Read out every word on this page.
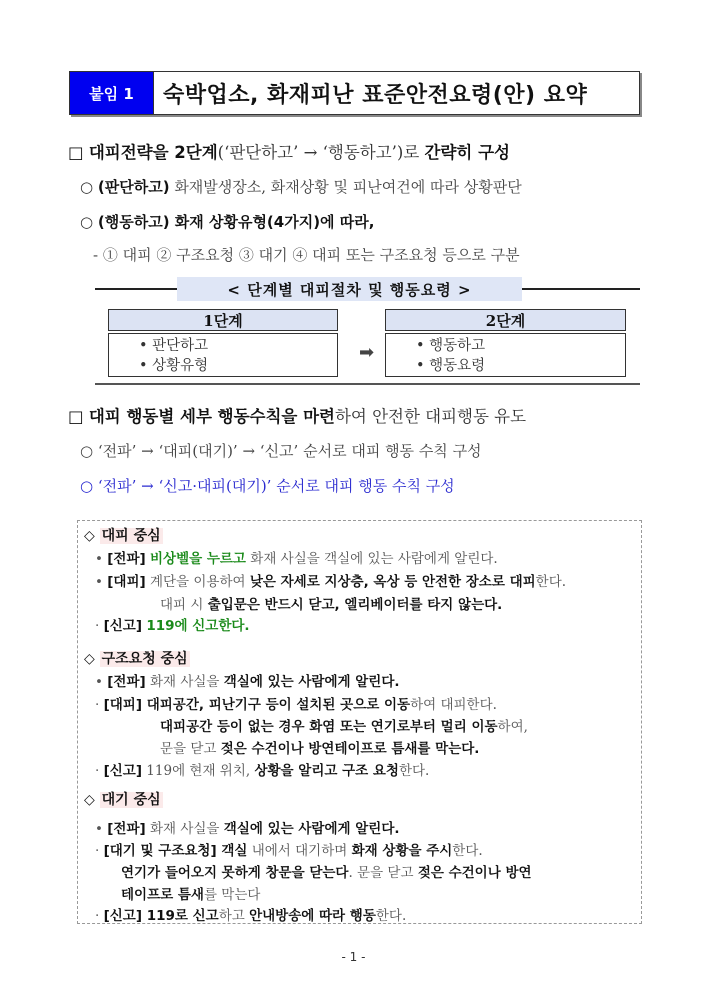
붙임 1	숙박업소, 화재피난 표준안전요령(안) 요약
□ 대피전략을 2단계(‘판단하고’ → ‘행동하고’)로 간략히 구성
○ (판단하고) 화재발생장소, 화재상황 및 피난여건에 따라 상황판단
○ (행동하고) 화재 상황유형(4가지)에 따라,
- ① 대피 ② 구조요청 ③ 대기 ④ 대피 또는 구조요청 등으로 구분
< 단계별 대피절차 및 행동요령 >
1단계
• 판단하고
• 상황유형
➡
2단계
• 행동하고
• 행동요령
□ 대피 행동별 세부 행동수칙을 마련하여 안전한 대피행동 유도
○ ‘전파’ → ‘대피(대기)’ → ‘신고’ 순서로 대피 행동 수칙 구성
○ ‘전파’ → ‘신고·대피(대기)’ 순서로 대피 행동 수칙 구성
◇ 대피 중심
• [전파] 비상벨을 누르고 화재 사실을 객실에 있는 사람에게 알린다.
• [대피] 계단을 이용하여 낮은 자세로 지상층, 옥상 등 안전한 장소로 대피한다.
대피 시 출입문은 반드시 닫고, 엘리베이터를 타지 않는다.
· [신고] 119에 신고한다.
◇ 구조요청 중심
• [전파] 화재 사실을 객실에 있는 사람에게 알린다.
· [대피] 대피공간, 피난기구 등이 설치된 곳으로 이동하여 대피한다.
대피공간 등이 없는 경우 화염 또는 연기로부터 멀리 이동하여,
문을 닫고 젖은 수건이나 방연테이프로 틈새를 막는다.
· [신고] 119에 현재 위치, 상황을 알리고 구조 요청한다.
◇ 대기 중심
• [전파] 화재 사실을 객실에 있는 사람에게 알린다.
· [대기 및 구조요청] 객실 내에서 대기하며 화재 상황을 주시한다.
연기가 들어오지 못하게 창문을 닫는다. 문을 닫고 젖은 수건이나 방연
테이프로 틈새를 막는다
· [신고] 119로 신고하고 안내방송에 따라 행동한다.
- 1 -
